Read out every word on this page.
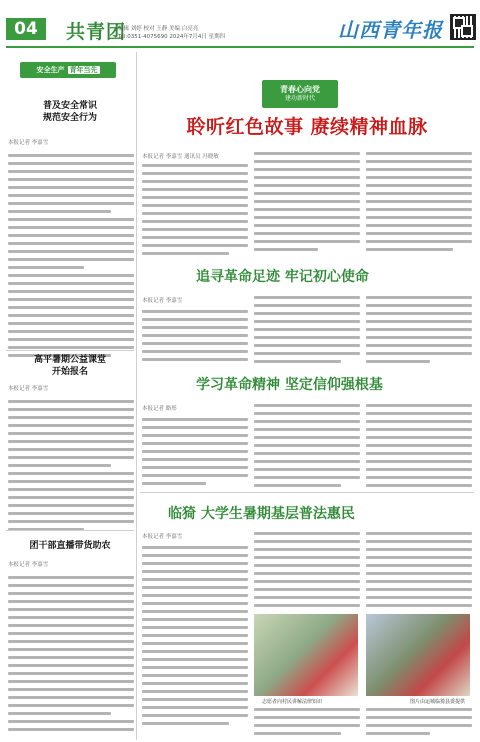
04	共青团
编辑 刘婷 校对 王静 美编 白亮亮
Tel:0351-4075690 2024年7月4日 星期四	山西青年报
安全生产 青年当先
普及安全常识
规范安全行为
本报记者 李嘉雪
高平暑期公益课堂
开始报名
本报记者 李嘉雪
团干部直播带货助农
本报记者 李嘉雪
青春心向党
建功新时代
聆听红色故事 赓续精神血脉
本报记者 李嘉雪 通讯员 冯晓敏
追寻革命足迹 牢记初心使命
本报记者 李嘉雪
学习革命精神 坚定信仰强根基
本报记者 路彤
临猗 大学生暑期基层普法惠民
本报记者 李嘉雪
志愿者向村民讲解法律知识	图片由运城临猗县委提供
